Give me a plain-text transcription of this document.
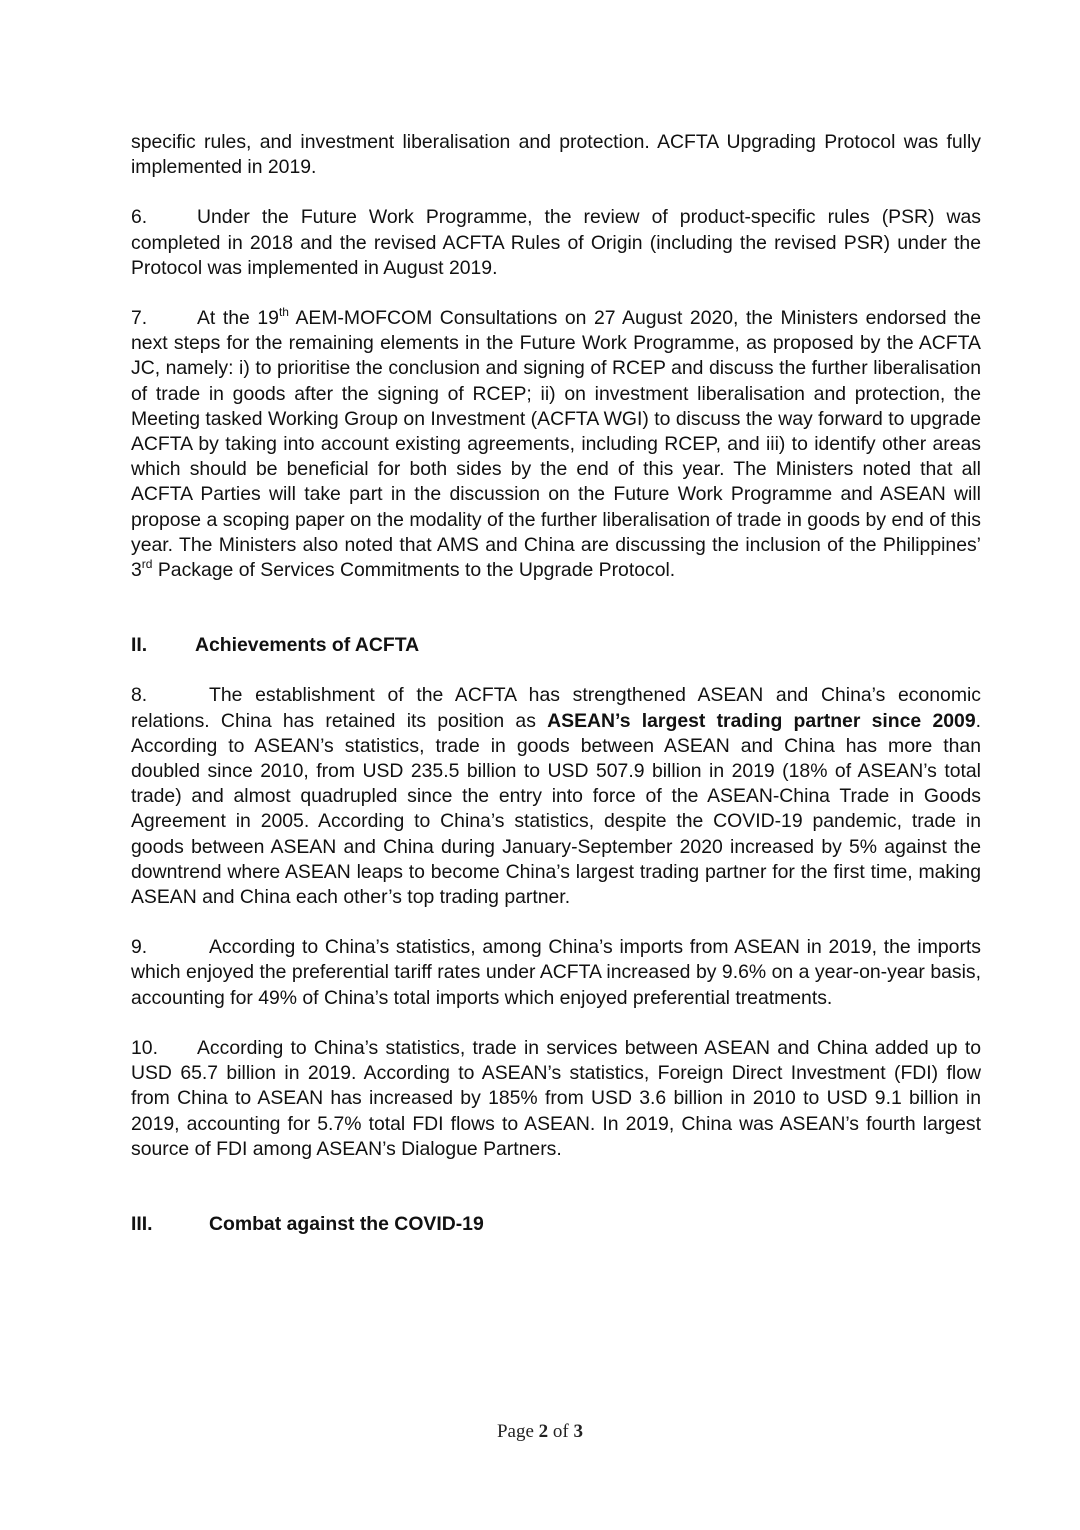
specific rules, and investment liberalisation and protection. ACFTA Upgrading Protocol was fully implemented in 2019.

6.	Under the Future Work Programme, the review of product-specific rules (PSR) was completed in 2018 and the revised ACFTA Rules of Origin (including the revised PSR) under the Protocol was implemented in August 2019.

7.	At the 19th AEM-MOFCOM Consultations on 27 August 2020, the Ministers endorsed the next steps for the remaining elements in the Future Work Programme, as proposed by the ACFTA JC, namely: i) to prioritise the conclusion and signing of RCEP and discuss the further liberalisation of trade in goods after the signing of RCEP; ii) on investment liberalisation and protection, the Meeting tasked Working Group on Investment (ACFTA WGI) to discuss the way forward to upgrade ACFTA by taking into account existing agreements, including RCEP, and iii) to identify other areas which should be beneficial for both sides by the end of this year. The Ministers noted that all ACFTA Parties will take part in the discussion on the Future Work Programme and ASEAN will propose a scoping paper on the modality of the further liberalisation of trade in goods by end of this year. The Ministers also noted that AMS and China are discussing the inclusion of the Philippines’ 3rd Package of Services Commitments to the Upgrade Protocol.

II.	Achievements of ACFTA

8.	The establishment of the ACFTA has strengthened ASEAN and China’s economic relations. China has retained its position as ASEAN’s largest trading partner since 2009. According to ASEAN’s statistics, trade in goods between ASEAN and China has more than doubled since 2010, from USD 235.5 billion to USD 507.9 billion in 2019 (18% of ASEAN’s total trade) and almost quadrupled since the entry into force of the ASEAN-China Trade in Goods Agreement in 2005. According to China’s statistics, despite the COVID-19 pandemic, trade in goods between ASEAN and China during January-September 2020 increased by 5% against the downtrend where ASEAN leaps to become China’s largest trading partner for the first time, making ASEAN and China each other’s top trading partner.

9.	According to China’s statistics, among China’s imports from ASEAN in 2019, the imports which enjoyed the preferential tariff rates under ACFTA increased by 9.6% on a year-on-year basis, accounting for 49% of China’s total imports which enjoyed preferential treatments.

10. According to China’s statistics, trade in services between ASEAN and China added up to USD 65.7 billion in 2019. According to ASEAN’s statistics, Foreign Direct Investment (FDI) flow from China to ASEAN has increased by 185% from USD 3.6 billion in 2010 to USD 9.1 billion in 2019, accounting for 5.7% total FDI flows to ASEAN. In 2019, China was ASEAN’s fourth largest source of FDI among ASEAN’s Dialogue Partners.

III.	Combat against the COVID-19
Page 2 of 3
